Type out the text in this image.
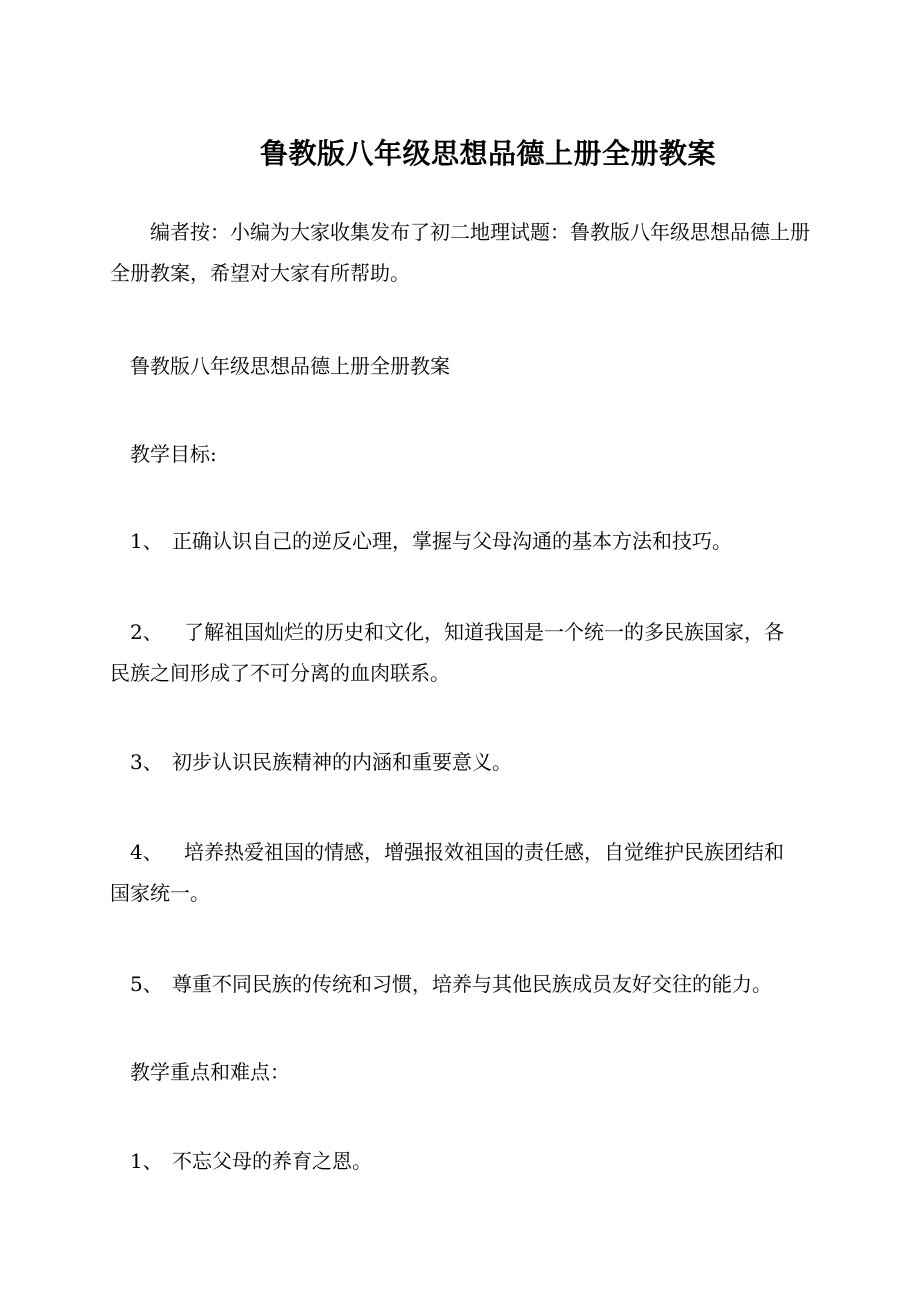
鲁教版八年级思想品德上册全册教案
编者按：小编为大家收集发布了初二地理试题：鲁教版八年级思想品德上册全册教案，希望对大家有所帮助。
鲁教版八年级思想品德上册全册教案
教学目标:
1、 正确认识自己的逆反心理，掌握与父母沟通的基本方法和技巧。
2、 了解祖国灿烂的历史和文化，知道我国是一个统一的多民族国家，各
民族之间形成了不可分离的血肉联系。
3、 初步认识民族精神的内涵和重要意义。
4、 培养热爱祖国的情感，增强报效祖国的责任感，自觉维护民族团结和
国家统一。
5、 尊重不同民族的传统和习惯，培养与其他民族成员友好交往的能力。
教学重点和难点：
1、 不忘父母的养育之恩。
